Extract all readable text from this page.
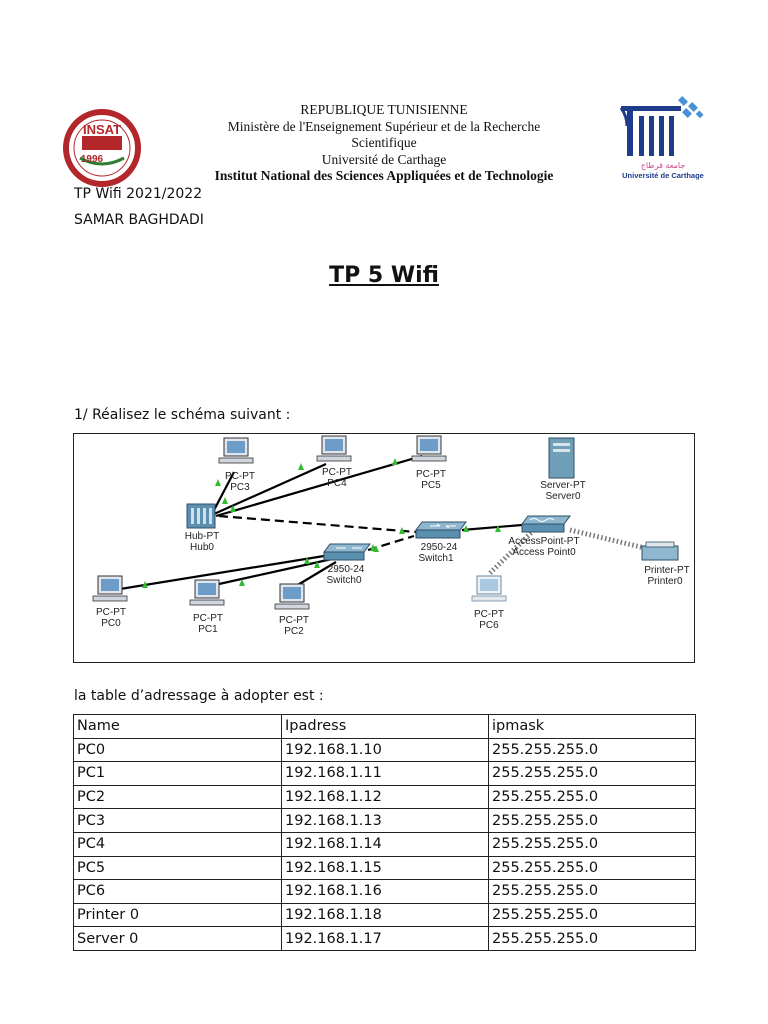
INSAT
1996
جامعة قرطاج
Université de Carthage
REPUBLIQUE TUNISIENNE
Ministère de l'Enseignement Supérieur et de la Recherche
Scientifique
Université de Carthage
Institut National des Sciences Appliquées et de Technologie
TP Wifi 2021/2022
SAMAR BAGHDADI
TP 5 Wifi
1/ Réalisez le schéma suivant :
PC-PT
PC3
PC-PT
PC4
PC-PT
PC5	Server-PT
Server0
Hub-PT
Hub0	2950-24
Switch1
AccessPoint-PT
Access Point0
2950-24
Switch0
Printer-PT
Printer0
PC-PT
PC0	PC-PT
PC1
PC-PT
PC2
PC-PT
PC6
la table d’adressage à adopter est :
Name	Ipadress	ipmask
PC0	192.168.1.10	255.255.255.0
PC1	192.168.1.11	255.255.255.0
PC2	192.168.1.12	255.255.255.0
PC3	192.168.1.13	255.255.255.0
PC4	192.168.1.14	255.255.255.0
PC5	192.168.1.15	255.255.255.0
PC6	192.168.1.16	255.255.255.0
Printer 0	192.168.1.18	255.255.255.0
Server 0	192.168.1.17	255.255.255.0
